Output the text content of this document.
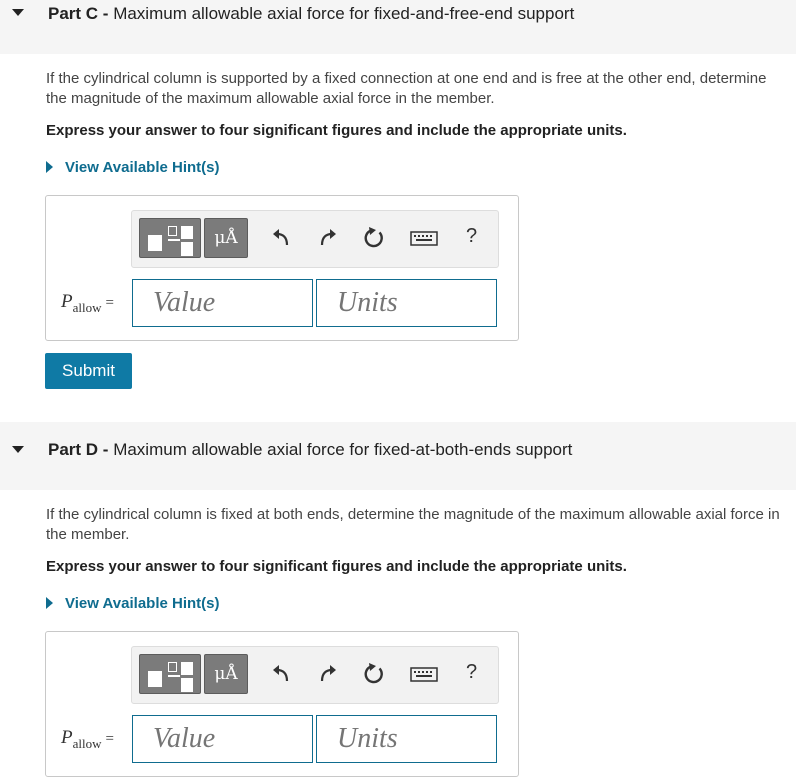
Part C - Maximum allowable axial force for fixed-and-free-end support
If the cylindrical column is supported by a fixed connection at one end and is free at the other end, determine the magnitude of the maximum allowable axial force in the member.
Express your answer to four significant figures and include the appropriate units.
View Available Hint(s)
μÅ	?
$P_{allow}$ =
Value
Units
Submit
Part D - Maximum allowable axial force for fixed-at-both-ends support
If the cylindrical column is fixed at both ends, determine the magnitude of the maximum allowable axial force in the member.
Express your answer to four significant figures and include the appropriate units.
View Available Hint(s)
μÅ	?
$P_{allow}$ =
Value
Units
